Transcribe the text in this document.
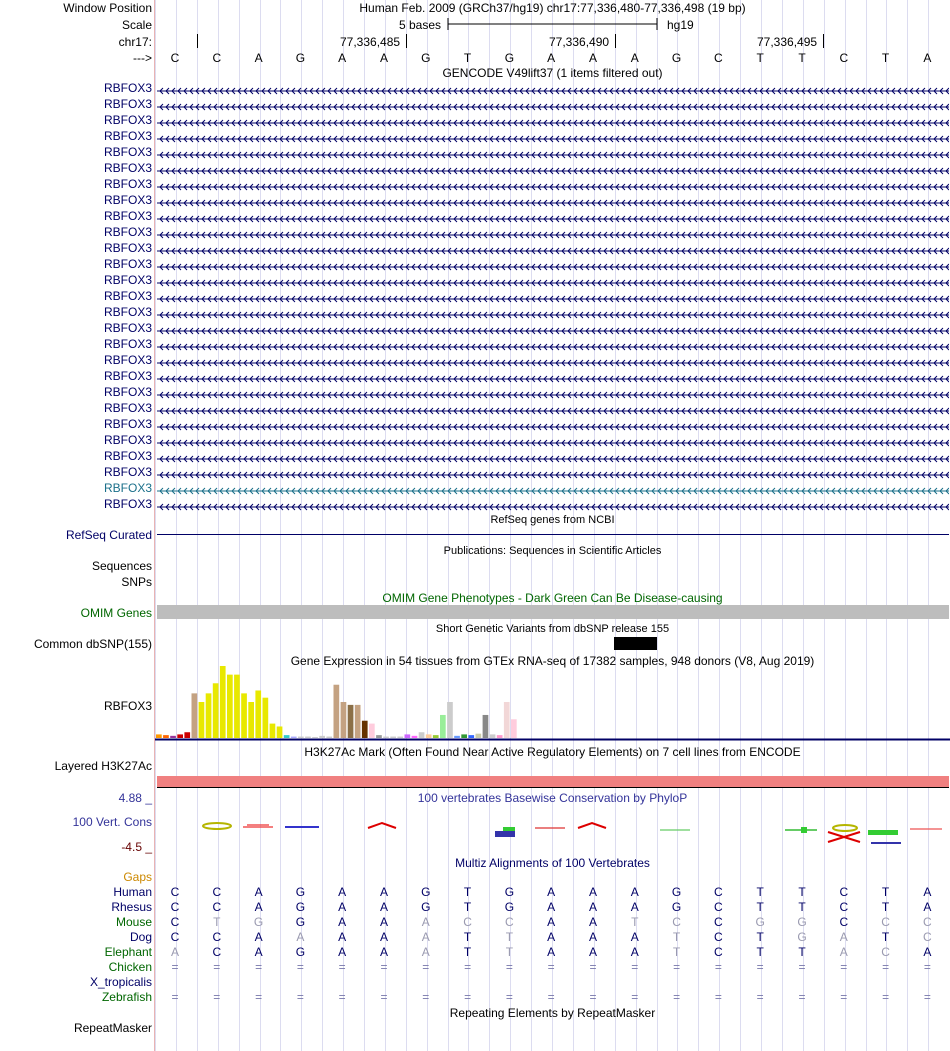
Window Position	Human Feb. 2009 (GRCh37/hg19) chr17:77,336,480-77,336,498 (19 bp)
Scale	5 bases	hg19
chr17:	77,336,485	77,336,490	77,336,495
--->	C	C	A	G	A	A	G	T	G	A	A	A	G	C	T	T	C	T	A
GENCODE V49lift37 (1 items filtered out)
RBFOX3
RBFOX3
RBFOX3
RBFOX3
RBFOX3
RBFOX3
RBFOX3
RBFOX3
RBFOX3
RBFOX3
RBFOX3
RBFOX3
RBFOX3
RBFOX3
RBFOX3
RBFOX3
RBFOX3
RBFOX3
RBFOX3
RBFOX3
RBFOX3
RBFOX3
RBFOX3
RBFOX3
RBFOX3
RBFOX3
RBFOX3
RefSeq genes from NCBI
RefSeq Curated
Publications: Sequences in Scientific Articles
Sequences
SNPs
OMIM Gene Phenotypes - Dark Green Can Be Disease-causing
OMIM Genes
Short Genetic Variants from dbSNP release 155
Common dbSNP(155)
Gene Expression in 54 tissues from GTEx RNA-seq of 17382 samples, 948 donors (V8, Aug 2019)
RBFOX3
H3K27Ac Mark (Often Found Near Active Regulatory Elements) on 7 cell lines from ENCODE
Layered H3K27Ac
100 vertebrates Basewise Conservation by PhyloP
4.88 _
100 Vert. Cons
-4.5 _
Multiz Alignments of 100 Vertebrates
Gaps
Human	C	C	A	G	A	A	G	T	G	A	A	A	G	C	T	T	C	T	A
Rhesus	C	C	A	G	A	A	G	T	G	A	A	A	G	C	T	T	C	T	A
Mouse	C	T	G	G	A	A	A	C	C	A	A	T	C	C	G	G	C	C	C
Dog	C	C	A	A	A	A	A	T	T	A	A	A	T	C	T	G	A	T	C
Elephant	A	C	A	G	A	A	A	T	T	A	A	A	T	C	T	T	A	C	A
Chicken	=	=	=	=	=	=	=	=	=	=	=	=	=	=	=	=	=	=	=
X_tropicalis
Zebrafish	=	=	=	=	=	=	=	=	=	=	=	=	=	=	=	=	=	=	=
Repeating Elements by RepeatMasker
RepeatMasker
